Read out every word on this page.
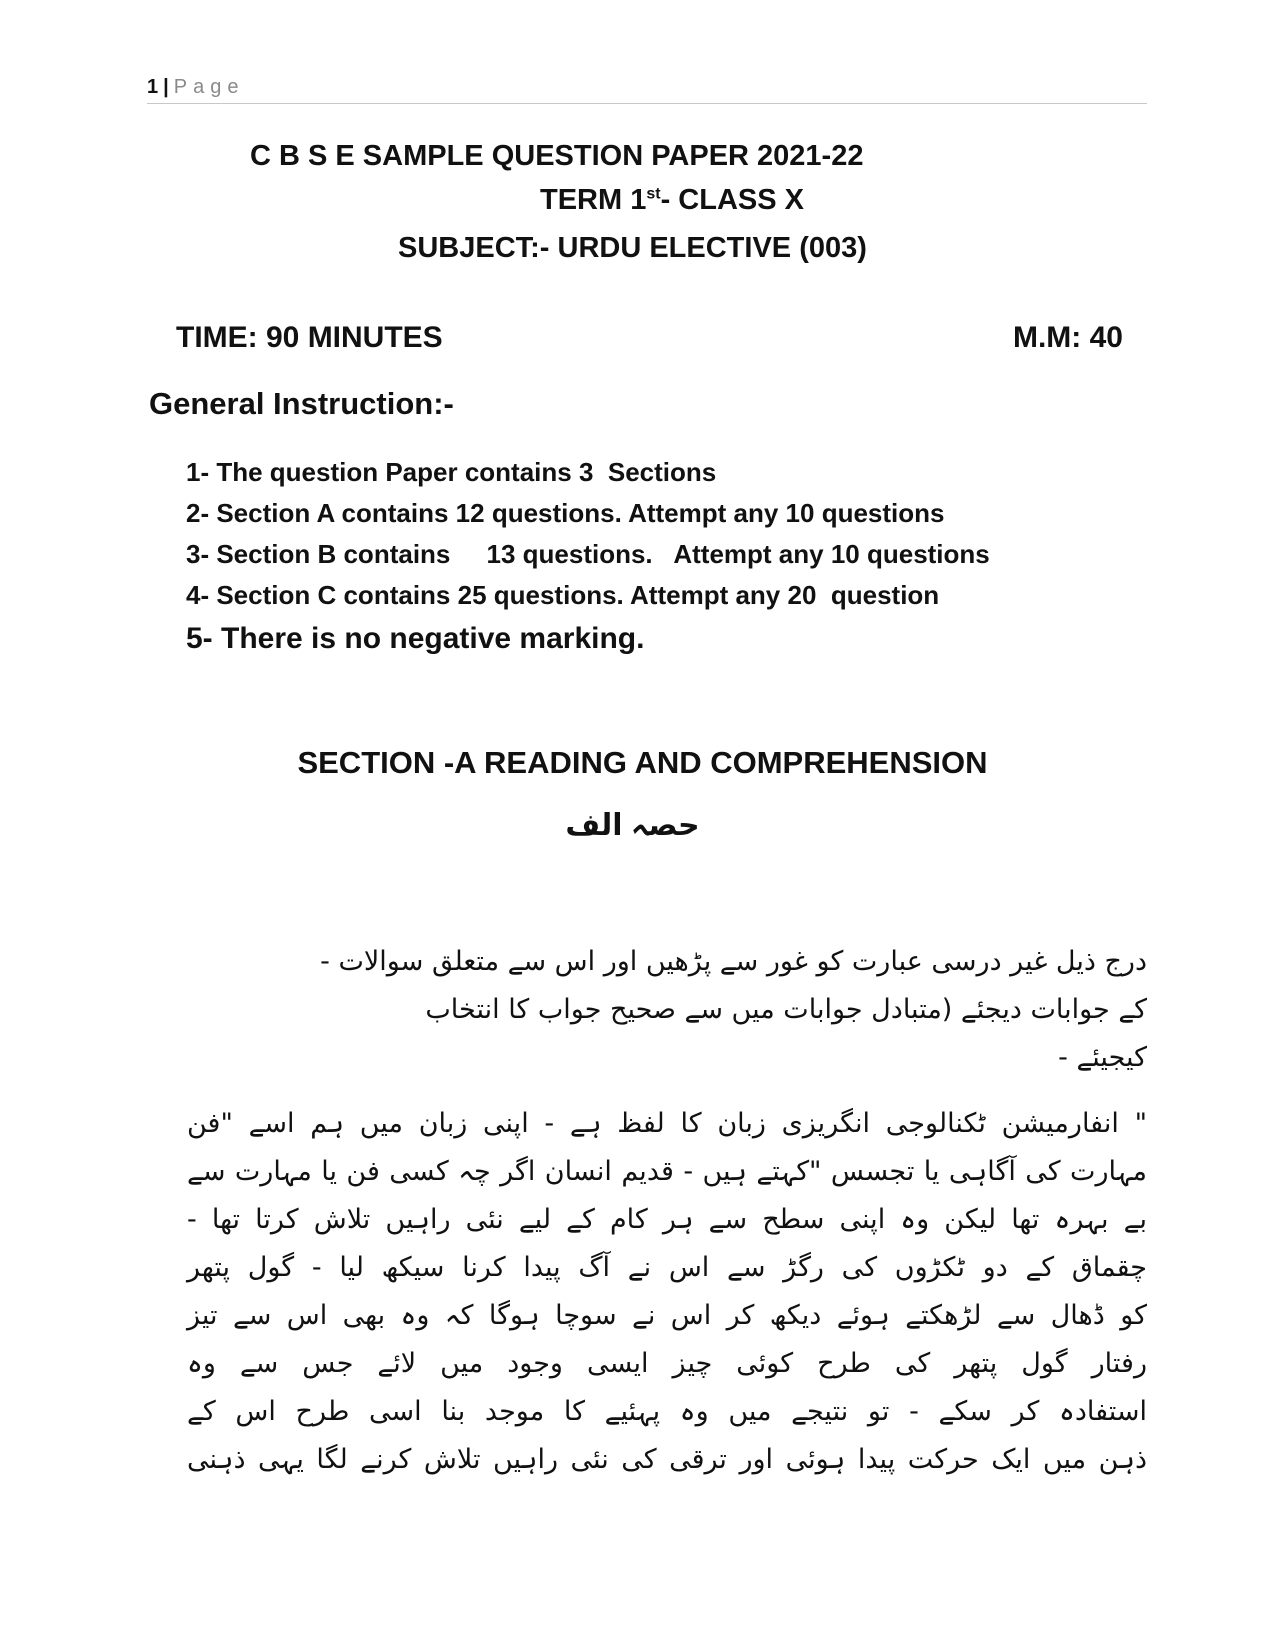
1 | Page
C B S E SAMPLE QUESTION PAPER 2021-22
TERM 1st- CLASS X
SUBJECT:- URDU ELECTIVE (003)
TIME: 90 MINUTES	M.M: 40
General Instruction:-
1- The question Paper contains 3  Sections
2- Section A contains 12 questions. Attempt any 10 questions
3- Section B contains     13 questions.   Attempt any 10 questions
4- Section C contains 25 questions. Attempt any 20  question
5- There is no negative marking.
SECTION -A READING AND COMPREHENSION
حصہ الف
درج ذیل غیر درسی عبارت کو غور سے پڑھیں اور اس سے متعلق سوالات -
کے جوابات دیجئے (متبادل جوابات میں سے صحیح جواب کا انتخاب
کیجیئے -
" انفارمیشن ٹکنالوجی انگریزی زبان کا لفظ ہے - اپنی زبان میں ہم اسے "فن
مہارت کی آگاہی یا تجسس "کہتے ہیں - قدیم انسان اگر چہ کسی فن یا مہارت سے
بے بہرہ تھا لیکن وہ اپنی سطح سے ہر کام کے لیے نئی راہیں تلاش کرتا تھا -
چقماق کے دو ٹکڑوں کی رگڑ سے اس نے آگ پیدا کرنا سیکھ لیا - گول پتھر
کو ڈھال سے لڑھکتے ہوئے دیکھ کر اس نے سوچا ہوگا کہ وہ بھی اس سے تیز
رفتار گول پتھر کی طرح کوئی چیز ایسی وجود میں لائے جس سے وہ
استفادہ کر سکے - تو نتیجے میں وہ پہئیے کا موجد بنا اسی طرح اس کے
ذہن میں ایک حرکت پیدا ہوئی اور ترقی کی نئی راہیں تلاش کرنے لگا یہی ذہنی
